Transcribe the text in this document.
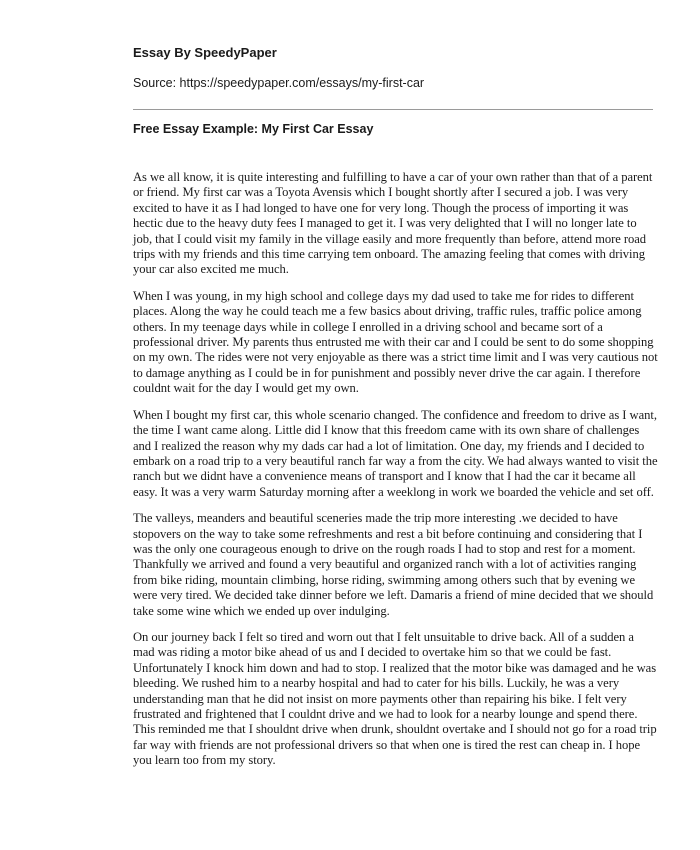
Essay By SpeedyPaper
Source: https://speedypaper.com/essays/my-first-car
Free Essay Example: My First Car Essay

As we all know, it is quite interesting and fulfilling to have a car of your own rather than that of a parent or friend. My first car was a Toyota Avensis which I bought shortly after I secured a job. I was very excited to have it as I had longed to have one for very long. Though the process of importing it was hectic due to the heavy duty fees I managed to get it. I was very delighted that I will no longer late to job, that I could visit my family in the village easily and more frequently than before, attend more road trips with my friends and this time carrying tem onboard. The amazing feeling that comes with driving your car also excited me much.

When I was young, in my high school and college days my dad used to take me for rides to different places. Along the way he could teach me a few basics about driving, traffic rules, traffic police among others. In my teenage days while in college I enrolled in a driving school and became sort of a professional driver. My parents thus entrusted me with their car and I could be sent to do some shopping on my own. The rides were not very enjoyable as there was a strict time limit and I was very cautious not to damage anything as I could be in for punishment and possibly never drive the car again. I therefore couldnt wait for the day I would get my own.

When I bought my first car, this whole scenario changed. The confidence and freedom to drive as I want, the time I want came along. Little did I know that this freedom came with its own share of challenges and I realized the reason why my dads car had a lot of limitation. One day, my friends and I decided to embark on a road trip to a very beautiful ranch far way a from the city. We had always wanted to visit the ranch but we didnt have a convenience means of transport and I know that I had the car it became all easy. It was a very warm Saturday morning after a weeklong in work we boarded the vehicle and set off.

The valleys, meanders and beautiful sceneries made the trip more interesting .we decided to have stopovers on the way to take some refreshments and rest a bit before continuing and considering that I was the only one courageous enough to drive on the rough roads I had to stop and rest for a moment. Thankfully we arrived and found a very beautiful and organized ranch with a lot of activities ranging from bike riding, mountain climbing, horse riding, swimming among others such that by evening we were very tired. We decided take dinner before we left. Damaris a friend of mine decided that we should take some wine which we ended up over indulging.

On our journey back I felt so tired and worn out that I felt unsuitable to drive back. All of a sudden a mad was riding a motor bike ahead of us and I decided to overtake him so that we could be fast. Unfortunately I knock him down and had to stop. I realized that the motor bike was damaged and he was bleeding. We rushed him to a nearby hospital and had to cater for his bills. Luckily, he was a very understanding man that he did not insist on more payments other than repairing his bike. I felt very frustrated and frightened that I couldnt drive and we had to look for a nearby lounge and spend there. This reminded me that I shouldnt drive when drunk, shouldnt overtake and I should not go for a road trip far way with friends are not professional drivers so that when one is tired the rest can cheap in. I hope you learn too from my story.
